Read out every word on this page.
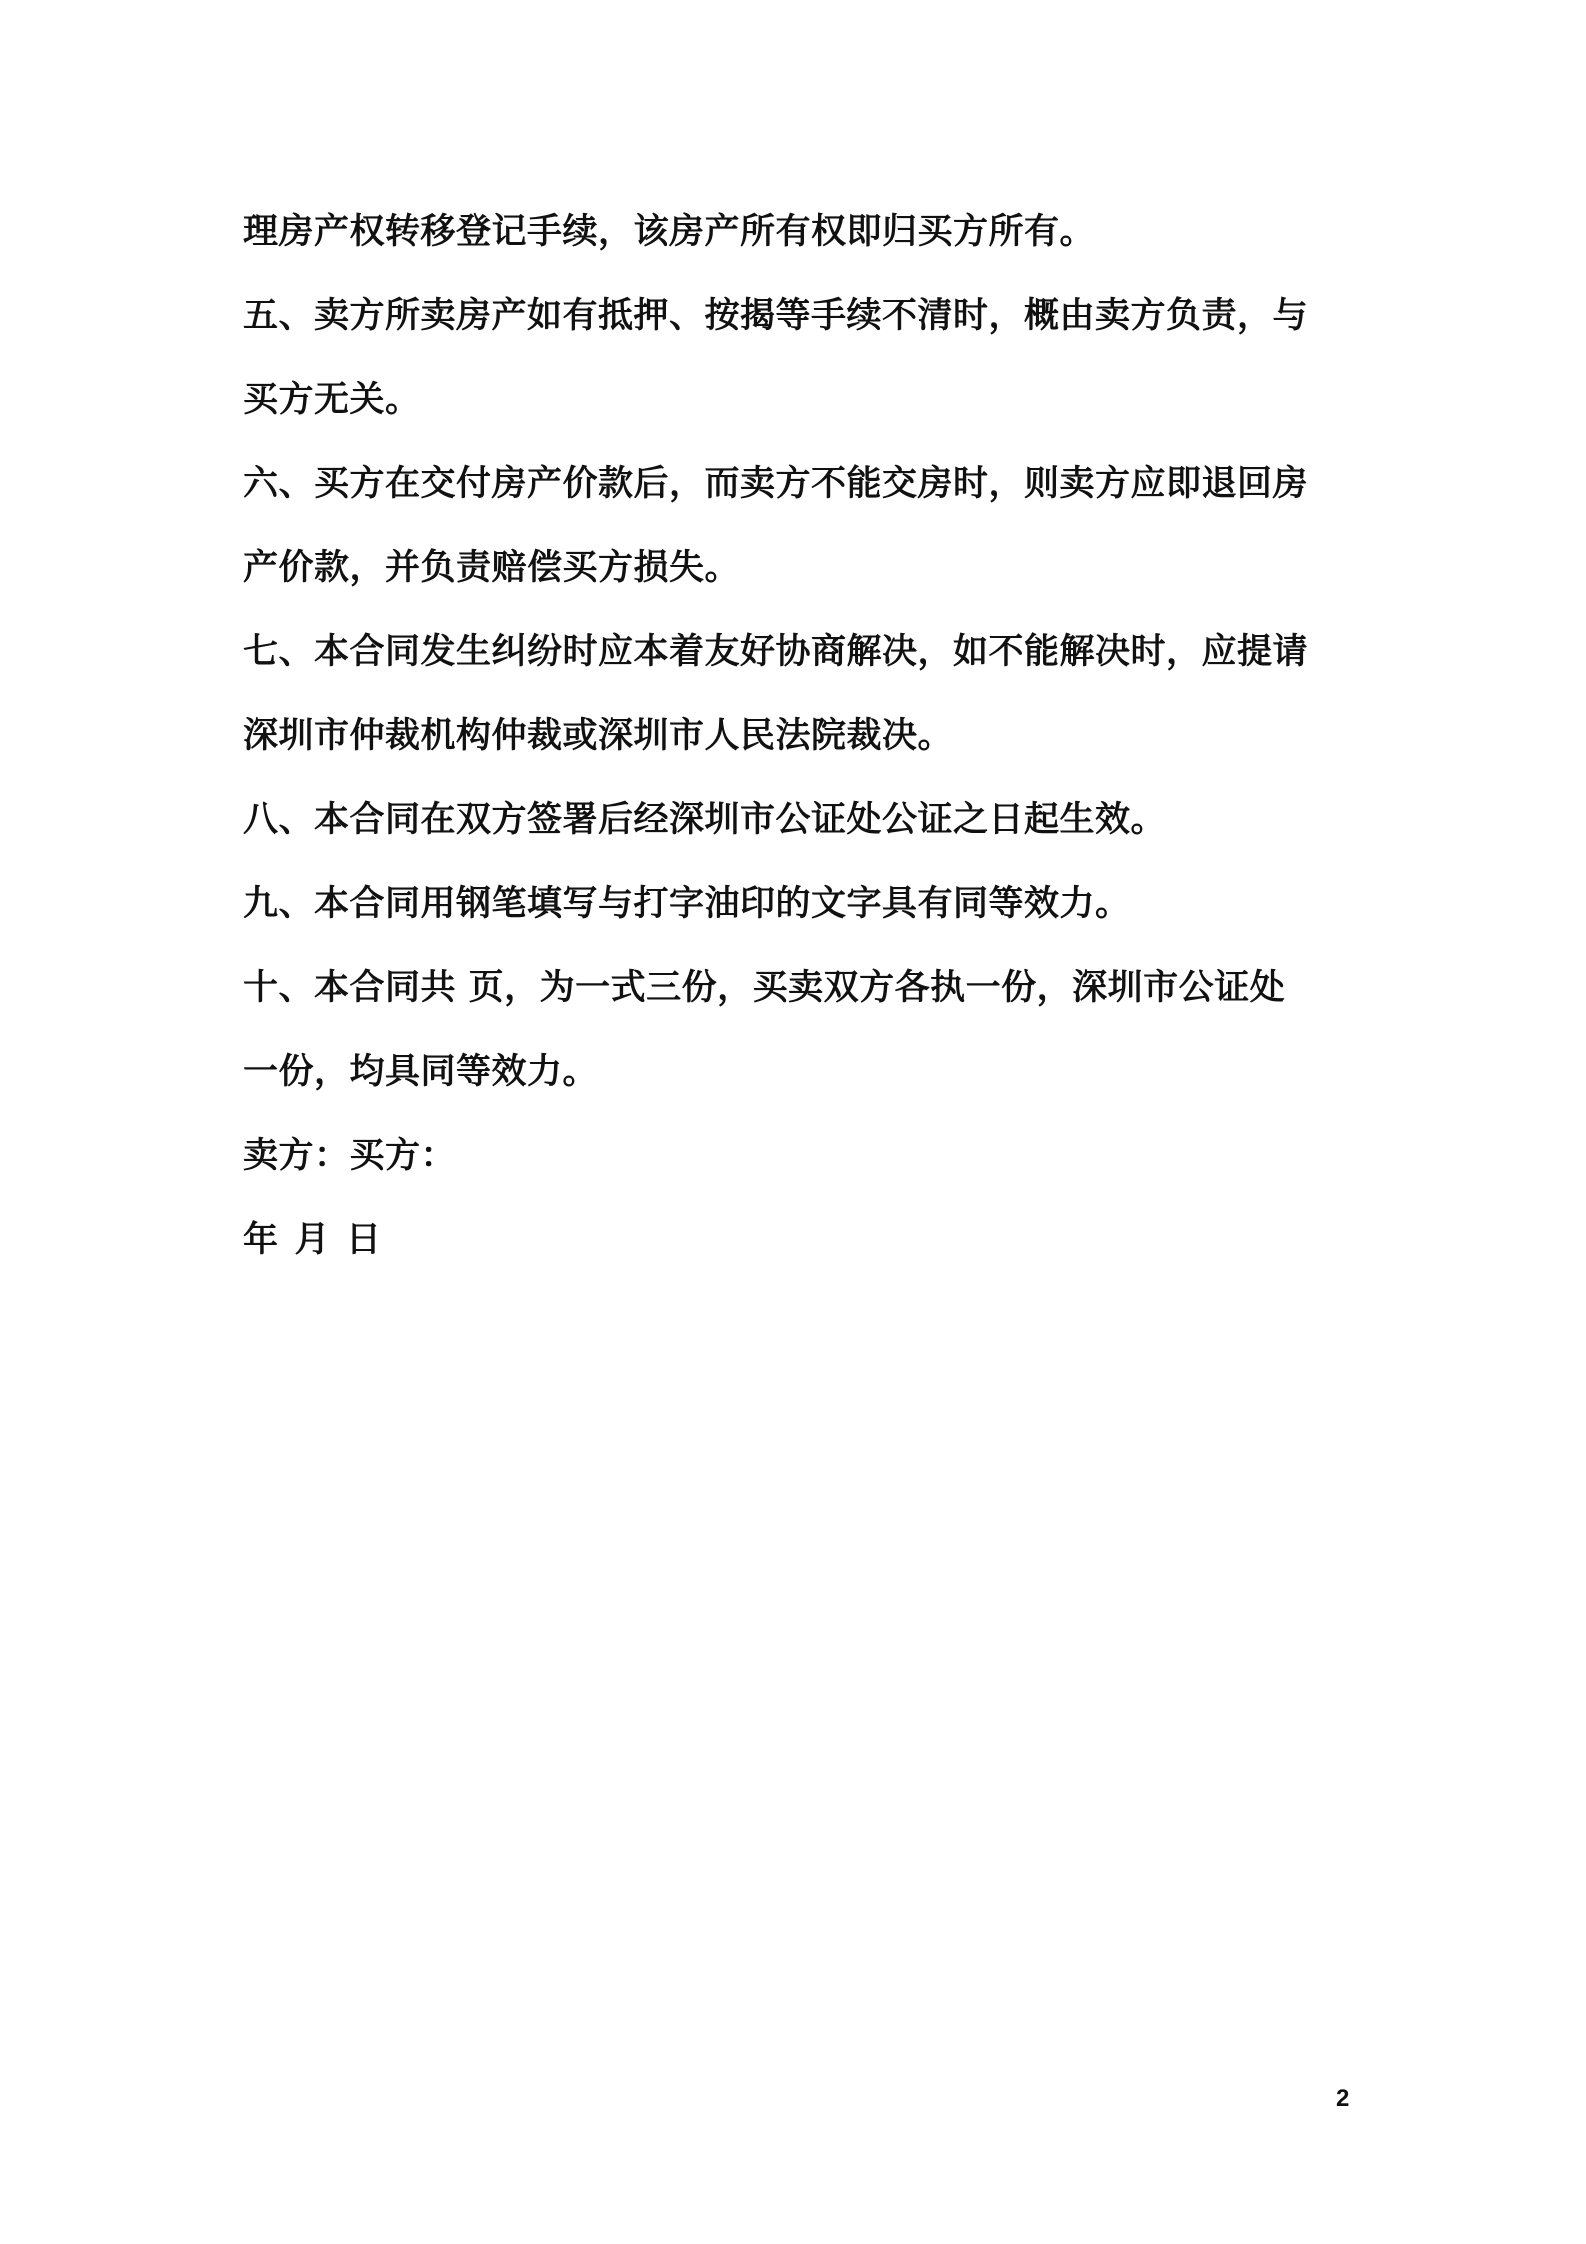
理房产权转移登记手续，该房产所有权即归买方所有。
五、卖方所卖房产如有抵押、按揭等手续不清时，概由卖方负责，与
买方无关。
六、买方在交付房产价款后，而卖方不能交房时，则卖方应即退回房
产价款，并负责赔偿买方损失。
七、本合同发生纠纷时应本着友好协商解决，如不能解决时，应提请
深圳市仲裁机构仲裁或深圳市人民法院裁决。
八、本合同在双方签署后经深圳市公证处公证之日起生效。
九、本合同用钢笔填写与打字油印的文字具有同等效力。
十、本合同共 页，为一式三份，买卖双方各执一份，深圳市公证处
一份，均具同等效力。
卖方：买方：
年 月 日
2
